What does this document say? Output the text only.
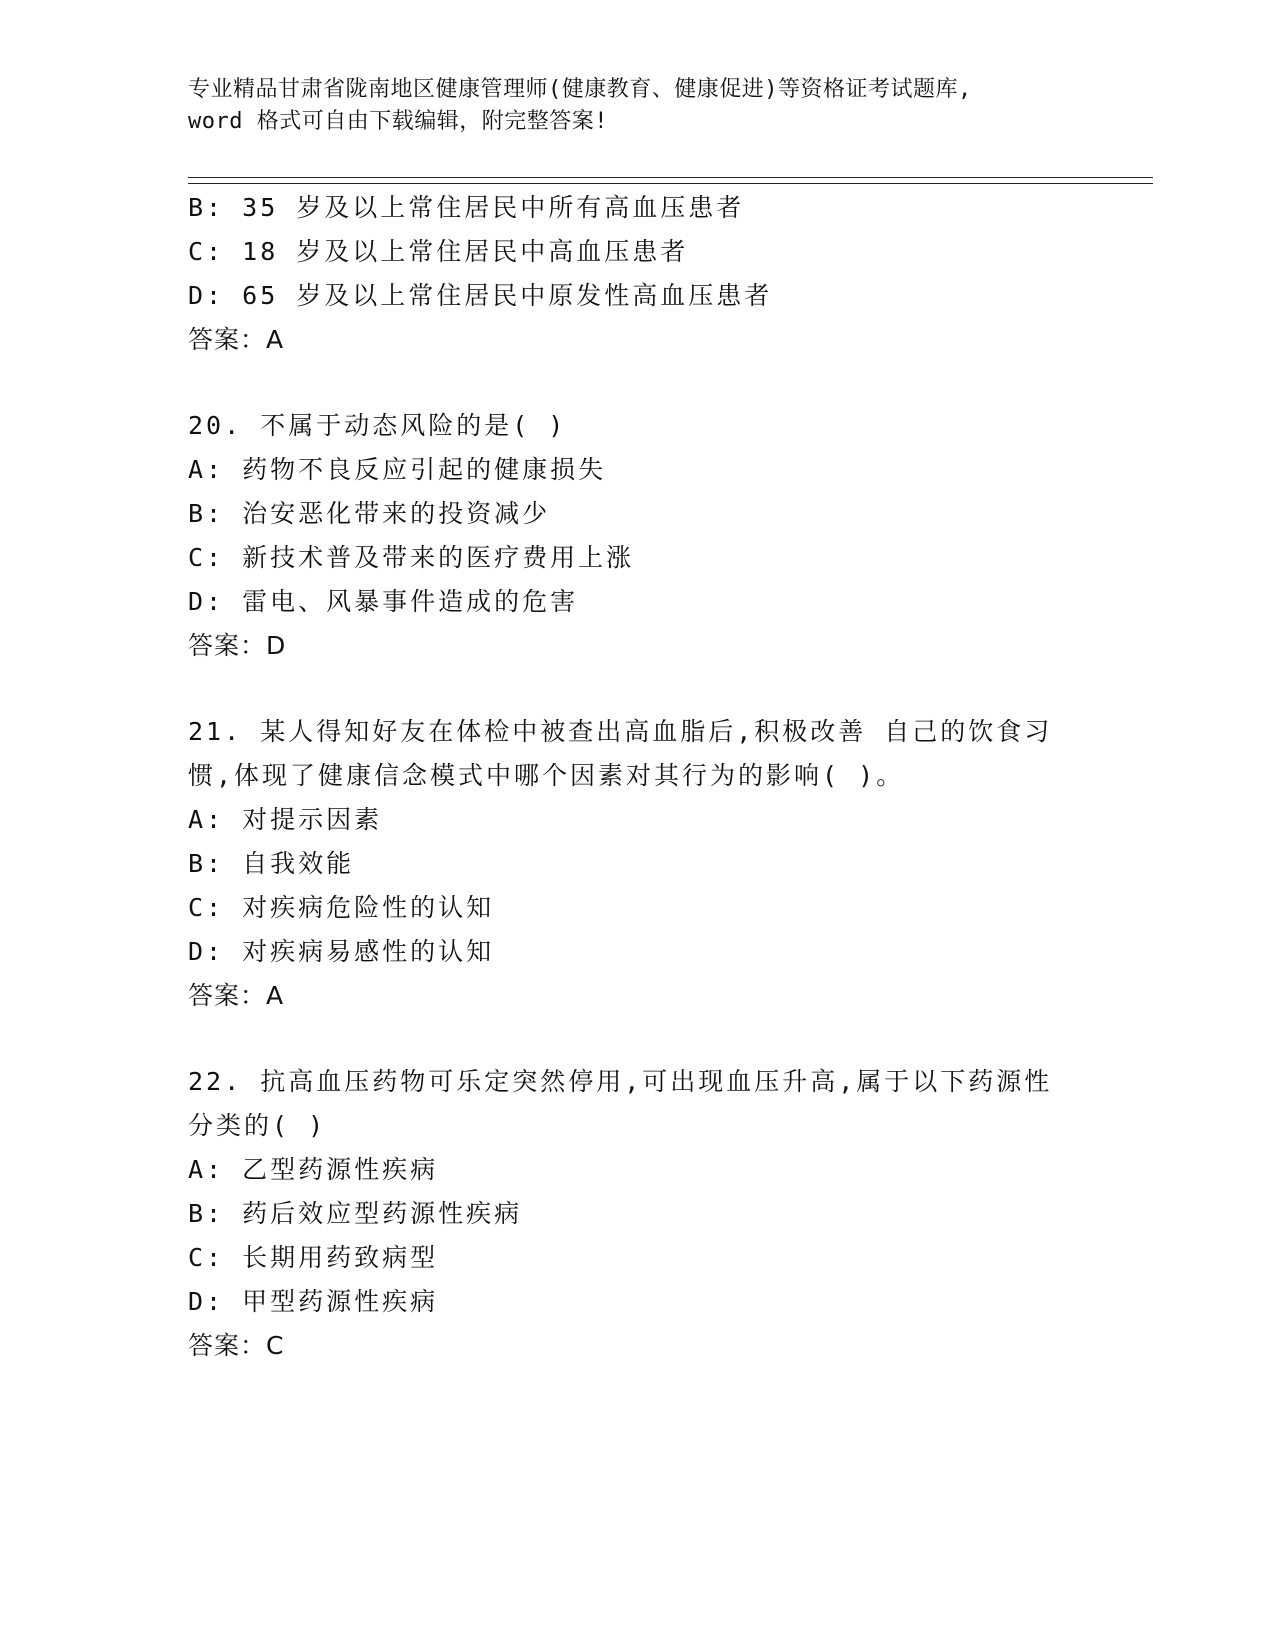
专业精品甘肃省陇南地区健康管理师(健康教育、健康促进)等资格证考试题库,
word 格式可自由下载编辑，附完整答案!
B: 35 岁及以上常住居民中所有高血压患者
C: 18 岁及以上常住居民中高血压患者
D: 65 岁及以上常住居民中原发性高血压患者
答案：A
20. 不属于动态风险的是( )
A: 药物不良反应引起的健康损失
B: 治安恶化带来的投资减少
C: 新技术普及带来的医疗费用上涨
D: 雷电、风暴事件造成的危害
答案：D
21. 某人得知好友在体检中被查出高血脂后,积极改善 自己的饮食习
惯,体现了健康信念模式中哪个因素对其行为的影响( )。
A: 对提示因素
B: 自我效能
C: 对疾病危险性的认知
D: 对疾病易感性的认知
答案：A
22. 抗高血压药物可乐定突然停用,可出现血压升高,属于以下药源性
分类的( )
A: 乙型药源性疾病
B: 药后效应型药源性疾病
C: 长期用药致病型
D: 甲型药源性疾病
答案：C
